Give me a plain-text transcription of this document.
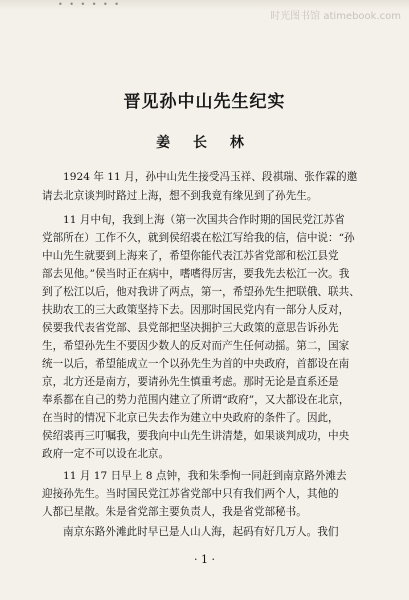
• • • • • •
时光图书馆 atimebook.com
晋见孙中山先生纪实
姜 长 林
1924 年 11 月，孙中山先生接受冯玉祥、段祺瑞、张作霖的邀
请去北京谈判时路过上海，想不到我竟有缘见到了孙先生。
11 月中旬，我到上海（第一次国共合作时期的国民党江苏省
党部所在）工作不久，就到侯绍裘在松江写给我的信，信中说：“孙
中山先生就要到上海来了，希望你能代表江苏省党部和松江县党
部去见他。”侯当时正在病中，嗜嗜得厉害，要我先去松江一次。我
到了松江以后，他对我讲了两点，第一，希望孙先生把联俄、联共、
扶助农工的三大政策坚持下去。因那时国民党内有一部分人反对，
侯要我代表省党部、县党部把坚决拥护三大政策的意思告诉孙先
生，希望孙先生不要因少数人的反对而产生任何动摇。第二，国家
统一以后，希望能成立一个以孙先生为首的中央政府，首都设在南
京，北方还是南方，要请孙先生慎重考虑。那时无论是直系还是
奉系都在自己的势力范围内建立了所谓“政府”，又大都设在北京，
在当时的情况下北京已失去作为建立中央政府的条件了。因此，
侯绍裘再三叮嘱我，要我向中山先生讲清楚，如果谈判成功，中央
政府一定不可以设在北京。
11 月 17 日早上 8 点钟，我和朱季恂一同赶到南京路外滩去
迎接孙先生。当时国民党江苏省党部中只有我们两个人，其他的
人都已星散。朱是省党部主要负责人，我是省党部秘书。
南京东路外滩此时早已是人山人海，起码有好几万人。我们
· 1 ·
